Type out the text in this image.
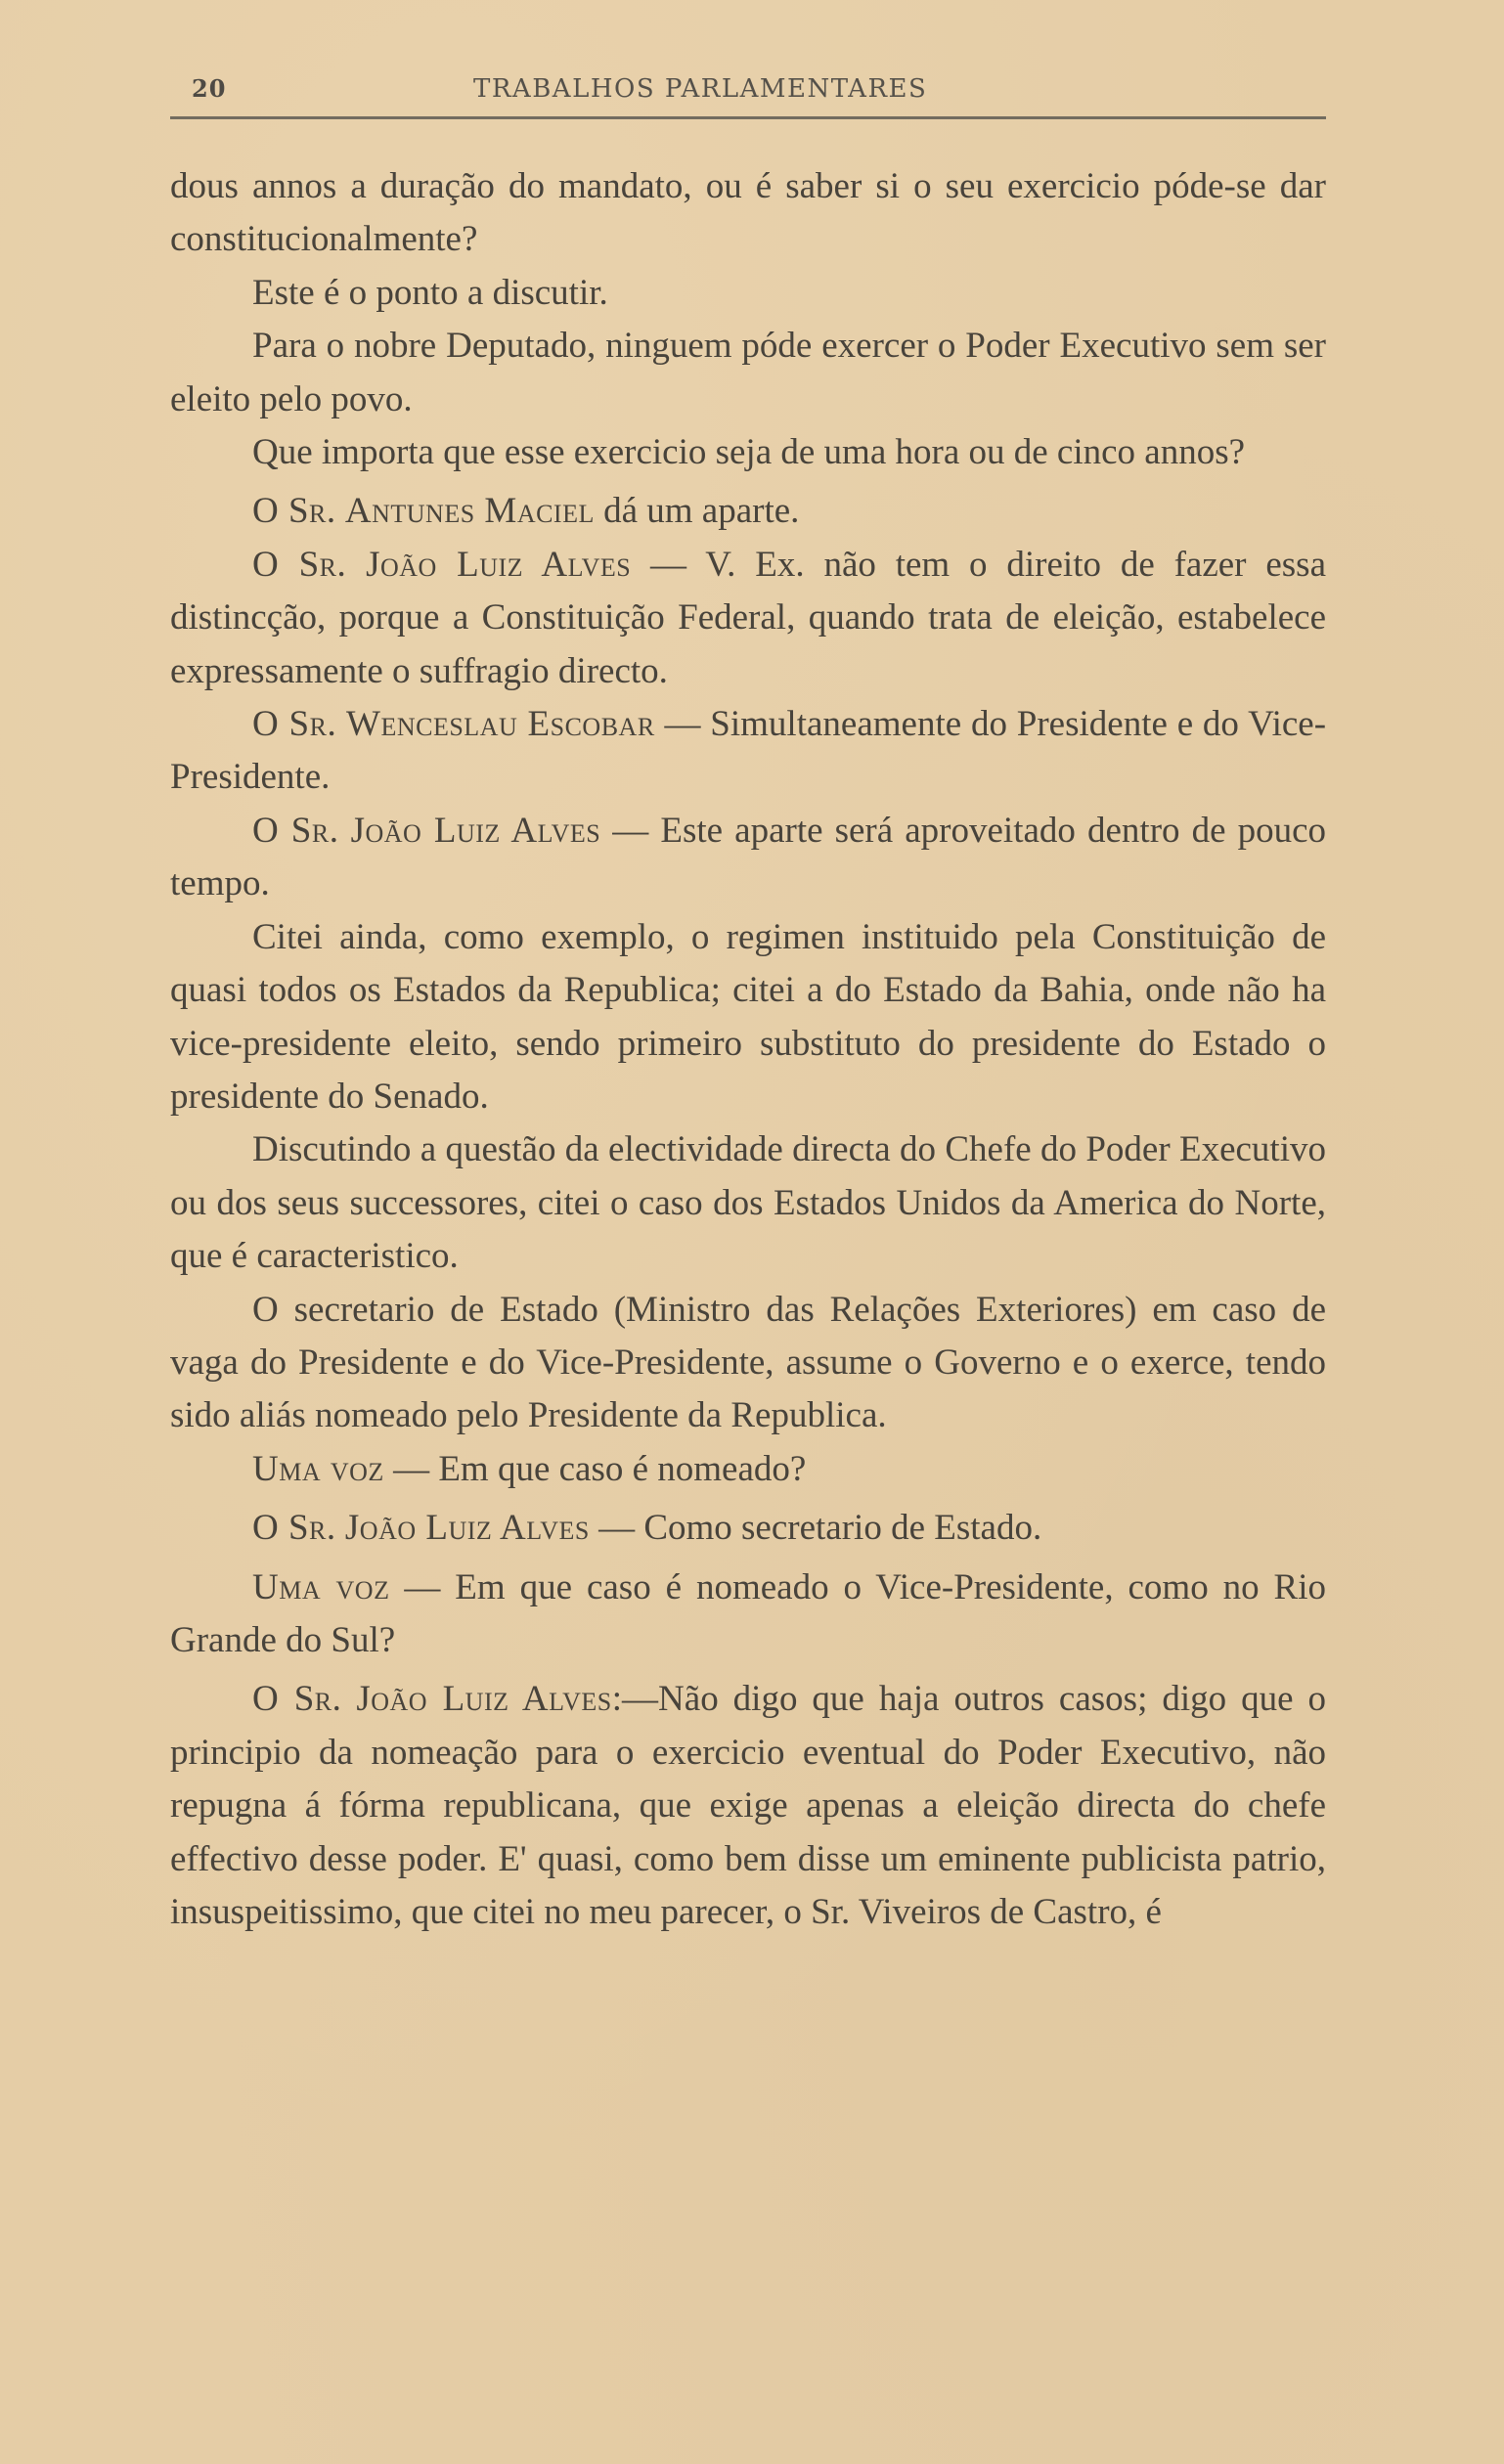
20	TRABALHOS PARLAMENTARES

dous annos a duração do mandato, ou é saber si o seu exercicio póde-se dar constitucionalmente?

Este é o ponto a discutir.

Para o nobre Deputado, ninguem póde exercer o Poder Executivo sem ser eleito pelo povo.

Que importa que esse exercicio seja de uma hora ou de cinco annos?

O Sr. Antunes Maciel dá um aparte.

O Sr. João Luiz Alves — V. Ex. não tem o direito de fazer essa distincção, porque a Constituição Federal, quando trata de eleição, estabelece expressamente o suffragio directo.

O Sr. Wenceslau Escobar — Simultaneamente do Presidente e do Vice-Presidente.

O Sr. João Luiz Alves — Este aparte será aproveitado dentro de pouco tempo.

Citei ainda, como exemplo, o regimen instituido pela Constituição de quasi todos os Estados da Republica; citei a do Estado da Bahia, onde não ha vice-presidente eleito, sendo primeiro substituto do presidente do Estado o presidente do Senado.

Discutindo a questão da electividade directa do Chefe do Poder Executivo ou dos seus successores, citei o caso dos Estados Unidos da America do Norte, que é caracteristico.

O secretario de Estado (Ministro das Relações Exteriores) em caso de vaga do Presidente e do Vice-Presidente, assume o Governo e o exerce, tendo sido aliás nomeado pelo Presidente da Republica.

Uma voz — Em que caso é nomeado?

O Sr. João Luiz Alves — Como secretario de Estado.

Uma voz — Em que caso é nomeado o Vice-Presidente, como no Rio Grande do Sul?

O Sr. João Luiz Alves:—Não digo que haja outros casos; digo que o principio da nomeação para o exercicio eventual do Poder Executivo, não repugna á fórma republicana, que exige apenas a eleição directa do chefe effectivo desse poder. E' quasi, como bem disse um eminente publicista patrio, insuspeitissimo, que citei no meu parecer, o Sr. Viveiros de Castro, é
